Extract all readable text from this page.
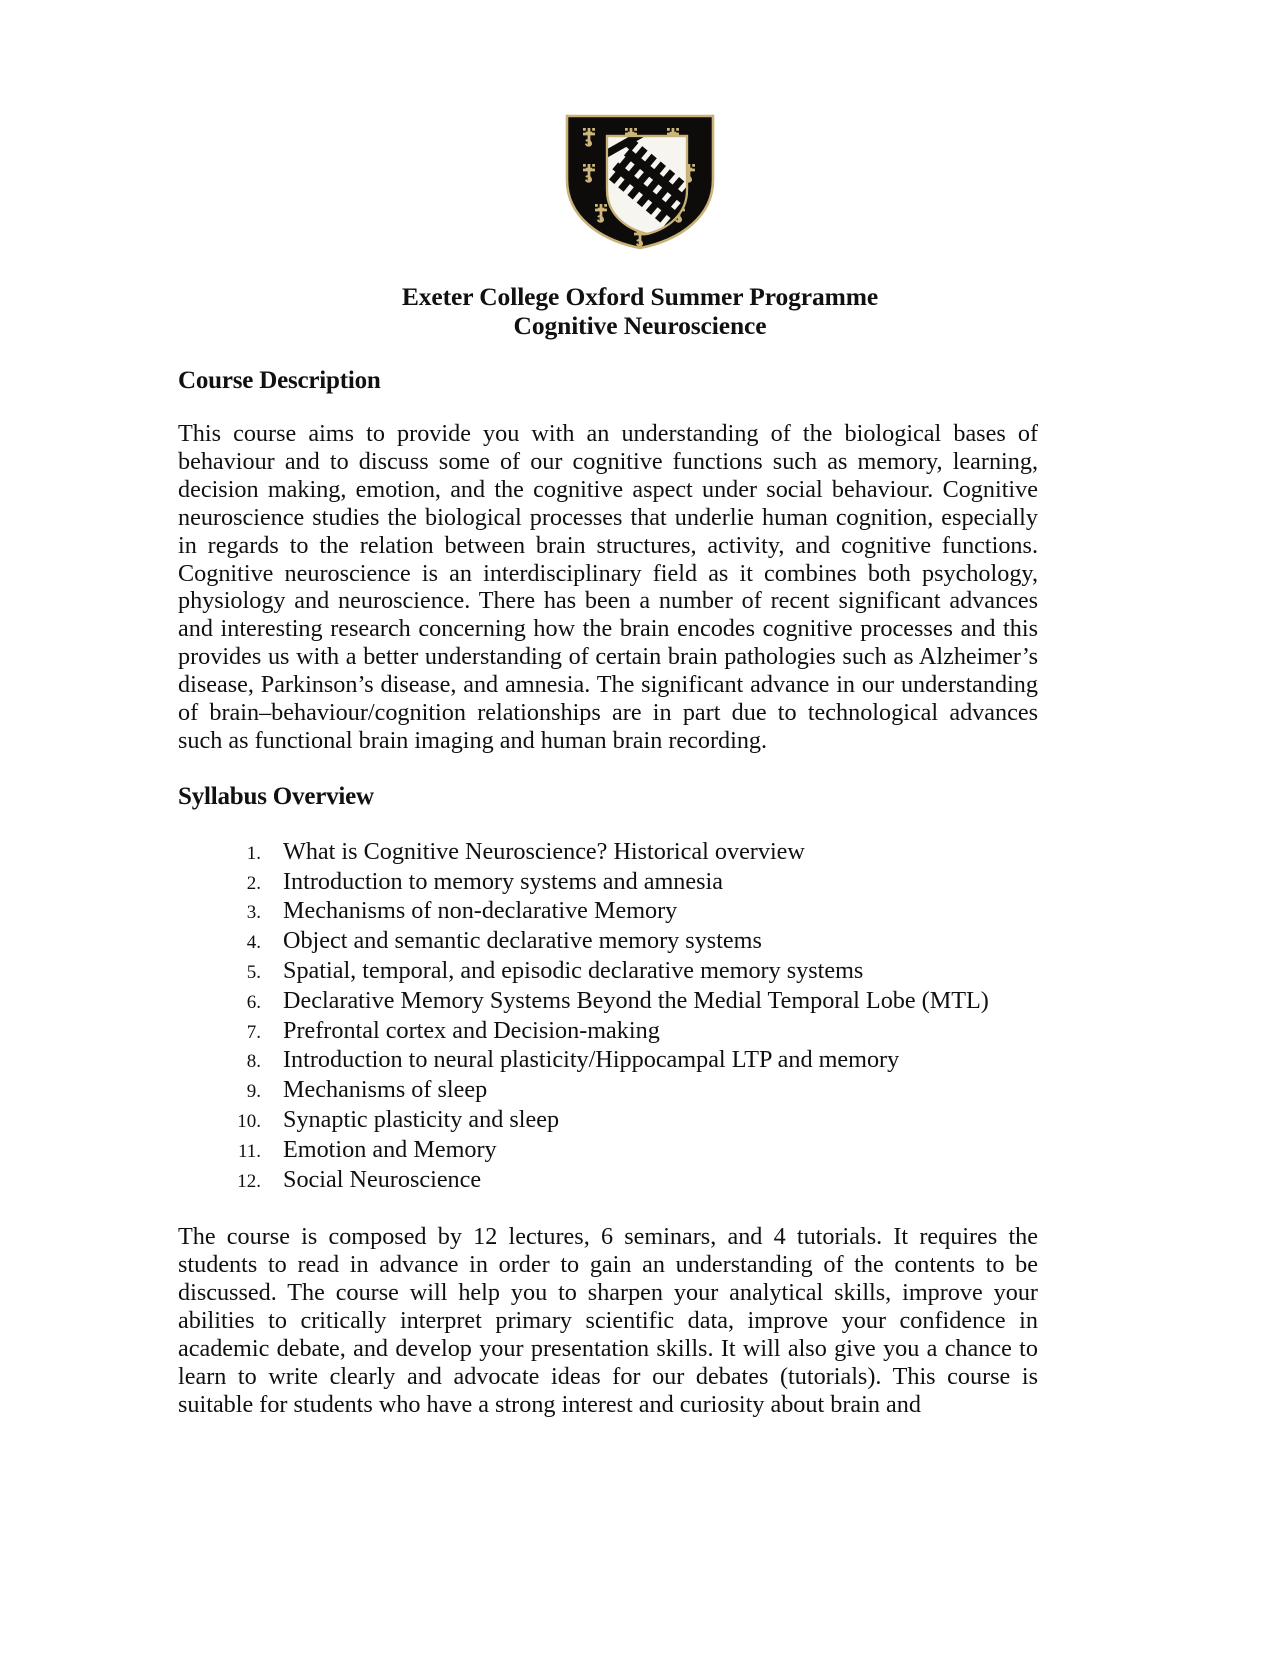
Exeter College Oxford Summer Programme
Cognitive Neuroscience
Course Description

This course aims to provide you with an understanding of the biological bases of behaviour and to discuss some of our cognitive functions such as memory, learning, decision making, emotion, and the cognitive aspect under social behaviour. Cognitive neuroscience studies the biological processes that underlie human cognition, especially in regards to the relation between brain structures, activity, and cognitive functions. Cognitive neuroscience is an interdisciplinary field as it combines both psychology, physiology and neuroscience. There has been a number of recent significant advances and interesting research concerning how the brain encodes cognitive processes and this provides us with a better understanding of certain brain pathologies such as Alzheimer’s disease, Parkinson’s disease, and amnesia. The significant advance in our understanding of brain–behaviour/cognition relationships are in part due to technological advances such as functional brain imaging and human brain recording.

Syllabus Overview
1. What is Cognitive Neuroscience? Historical overview
2. Introduction to memory systems and amnesia
3. Mechanisms of non-declarative Memory
4. Object and semantic declarative memory systems
5. Spatial, temporal, and episodic declarative memory systems
6. Declarative Memory Systems Beyond the Medial Temporal Lobe (MTL)
7. Prefrontal cortex and Decision-making
8. Introduction to neural plasticity/Hippocampal LTP and memory
9. Mechanisms of sleep
10. Synaptic plasticity and sleep
11. Emotion and Memory
12. Social Neuroscience

The course is composed by 12 lectures, 6 seminars, and 4 tutorials. It requires the students to read in advance in order to gain an understanding of the contents to be discussed. The course will help you to sharpen your analytical skills, improve your abilities to critically interpret primary scientific data, improve your confidence in academic debate, and develop your presentation skills. It will also give you a chance to learn to write clearly and advocate ideas for our debates (tutorials). This course is suitable for students who have a strong interest and curiosity about brain and
